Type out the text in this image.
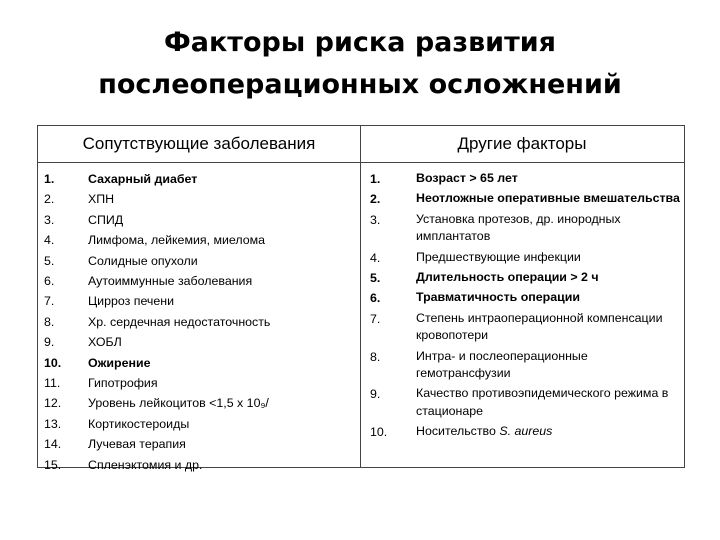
Факторы риска развития
послеоперационных осложнений
Сопутствующие заболевания	Другие факторы
1.	Сахарный диабет
2.	ХПН
3.	СПИД
4.	Лимфома, лейкемия, миелома
5.	Солидные опухоли
6.	Аутоиммунные заболевания
7.	Цирроз печени
8.	Хр. сердечная недостаточность
9.	ХОБЛ
10.	Ожирение
11.	Гипотрофия
12.	Уровень лейкоцитов <1,5 x 10₉/
13.	Кортикостероиды
14.	Лучевая терапия
15.	Спленэктомия и др.
1.	Возраст > 65 лет
2.	Неотложные оперативные вмешательства
3.	Установка протезов, др. инородных имплантатов
4.	Предшествующие инфекции
5.	Длительность операции > 2 ч
6.	Травматичность операции
7.	Степень интраоперационной компенсации кровопотери
8.	Интра- и послеоперационные гемотрансфузии
9.	Качество противоэпидемического режима в стационаре
10.	Носительство S. aureus
